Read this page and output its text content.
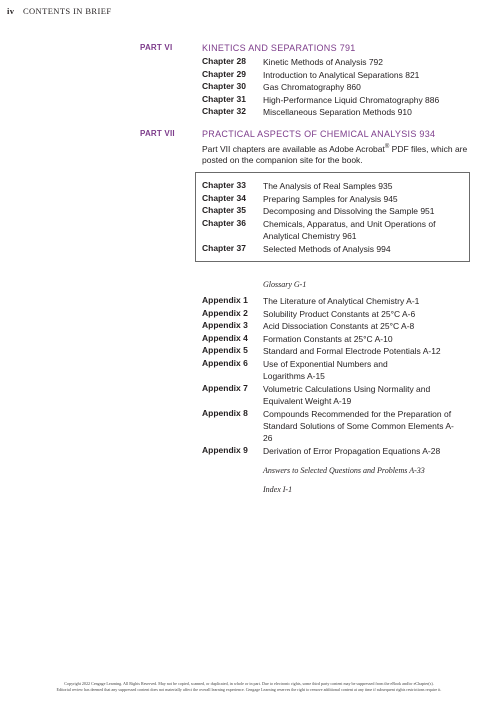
iv CONTENTS IN BRIEF
PART VI	KINETICS AND SEPARATIONS 791
Chapter 28 Kinetic Methods of Analysis 792
Chapter 29 Introduction to Analytical Separations 821
Chapter 30 Gas Chromatography 860
Chapter 31 High-Performance Liquid Chromatography 886
Chapter 32 Miscellaneous Separation Methods 910
PART VII	PRACTICAL ASPECTS OF CHEMICAL ANALYSIS 934
Part VII chapters are available as Adobe Acrobat® PDF files, which are posted on the companion site for the book.
Chapter 33 The Analysis of Real Samples 935
Chapter 34 Preparing Samples for Analysis 945
Chapter 35 Decomposing and Dissolving the Sample 951
Chapter 36 Chemicals, Apparatus, and Unit Operations of Analytical Chemistry 961
Chapter 37 Selected Methods of Analysis 994
Glossary G-1
Appendix 1 The Literature of Analytical Chemistry A-1
Appendix 2 Solubility Product Constants at 25°C A-6
Appendix 3 Acid Dissociation Constants at 25°C A-8
Appendix 4 Formation Constants at 25°C A-10
Appendix 5 Standard and Formal Electrode Potentials A-12
Appendix 6 Use of Exponential Numbers and Logarithms A-15
Appendix 7 Volumetric Calculations Using Normality and Equivalent Weight A-19
Appendix 8 Compounds Recommended for the Preparation of Standard Solutions of Some Common Elements A-26
Appendix 9 Derivation of Error Propagation Equations A-28
Answers to Selected Questions and Problems A-33
Index I-1
Copyright 2022 Cengage Learning. All Rights Reserved. May not be copied, scanned, or duplicated, in whole or in part. Due to electronic rights, some third party content may be suppressed from the eBook and/or eChapter(s).
Editorial review has deemed that any suppressed content does not materially affect the overall learning experience. Cengage Learning reserves the right to remove additional content at any time if subsequent rights restrictions require it.
